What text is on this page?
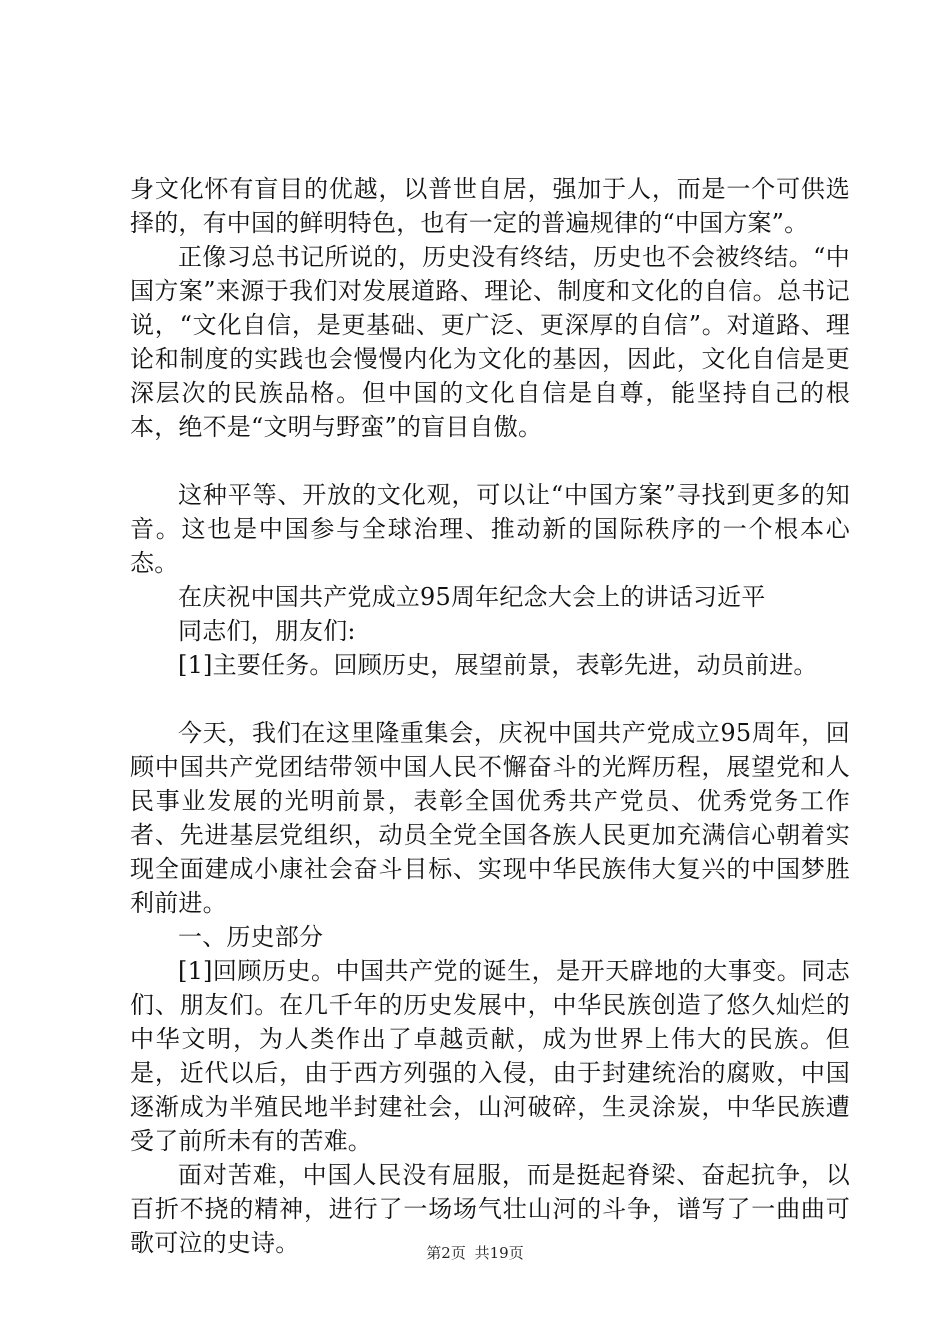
身文化怀有盲目的优越，以普世自居，强加于人，而是一个可供选择的，有中国的鲜明特色，也有一定的普遍规律的“中国方案”。

正像习总书记所说的，历史没有终结，历史也不会被终结。“中国方案”来源于我们对发展道路、理论、制度和文化的自信。总书记说，“文化自信，是更基础、更广泛、更深厚的自信”。对道路、理论和制度的实践也会慢慢内化为文化的基因，因此，文化自信是更深层次的民族品格。但中国的文化自信是自尊，能坚持自己的根本，绝不是“文明与野蛮”的盲目自傲。

这种平等、开放的文化观，可以让“中国方案”寻找到更多的知音。这也是中国参与全球治理、推动新的国际秩序的一个根本心态。

在庆祝中国共产党成立95周年纪念大会上的讲话习近平

同志们，朋友们:

[1]主要任务。回顾历史，展望前景，表彰先进，动员前进。

今天，我们在这里隆重集会，庆祝中国共产党成立95周年，回顾中国共产党团结带领中国人民不懈奋斗的光辉历程，展望党和人民事业发展的光明前景，表彰全国优秀共产党员、优秀党务工作者、先进基层党组织，动员全党全国各族人民更加充满信心朝着实现全面建成小康社会奋斗目标、实现中华民族伟大复兴的中国梦胜利前进。

一、历史部分

[1]回顾历史。中国共产党的诞生，是开天辟地的大事变。同志们、朋友们。在几千年的历史发展中，中华民族创造了悠久灿烂的中华文明，为人类作出了卓越贡献，成为世界上伟大的民族。但是，近代以后，由于西方列强的入侵，由于封建统治的腐败，中国逐渐成为半殖民地半封建社会，山河破碎，生灵涂炭，中华民族遭受了前所未有的苦难。

面对苦难，中国人民没有屈服，而是挺起脊梁、奋起抗争，以百折不挠的精神，进行了一场场气壮山河的斗争，谱写了一曲曲可歌可泣的史诗。	第2页 共19页
